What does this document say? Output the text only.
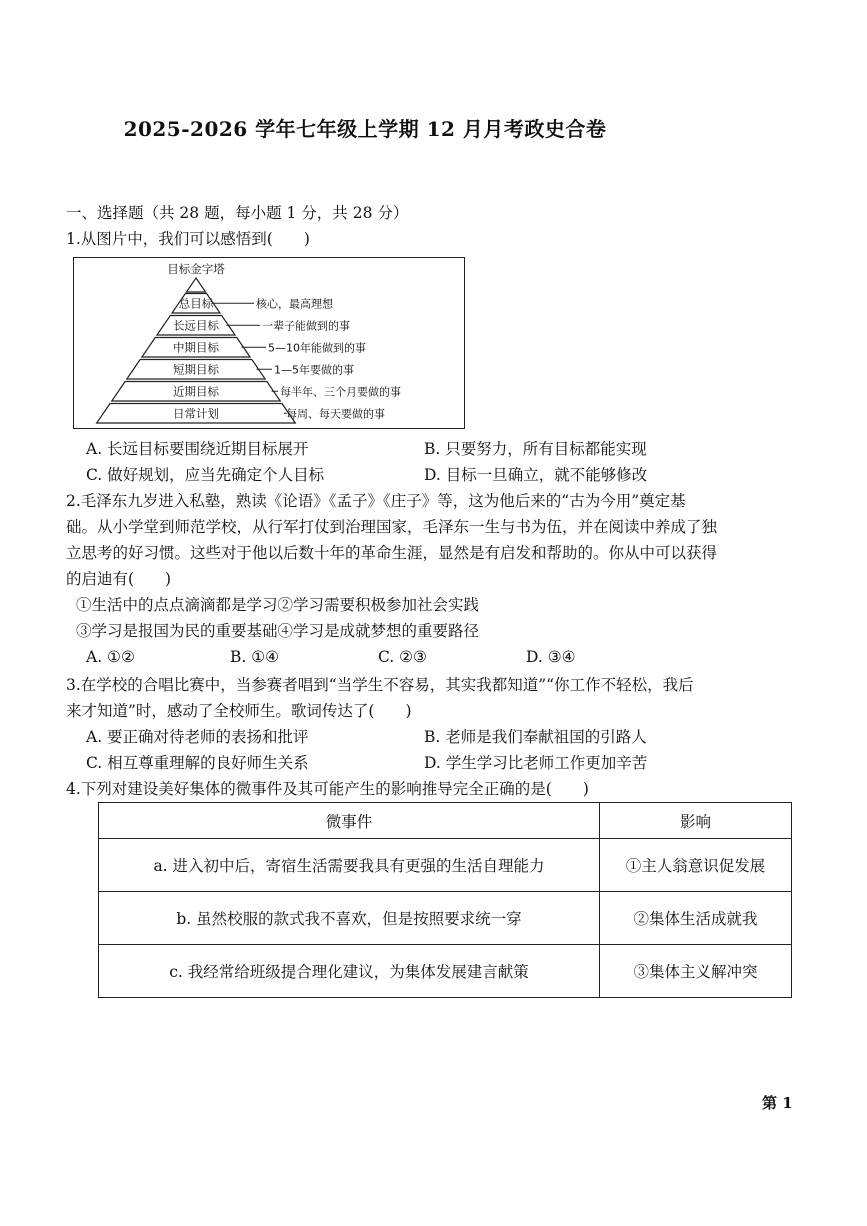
2025-2026 学年七年级上学期 12 月月考政史合卷
一、选择题（共 28 题，每小题 1 分，共 28 分）
1.从图片中，我们可以感悟到(　　)
目标金字塔
总目标	核心，最高理想
长远目标	一辈子能做到的事
中期目标	5—10年能做到的事
短期目标	1—5年要做的事
近期目标	每半年、三个月要做的事
日常计划	每周、每天要做的事
A. 长远目标要围绕近期目标展开	B. 只要努力，所有目标都能实现
C. 做好规划，应当先确定个人目标	D. 目标一旦确立，就不能够修改
2.毛泽东九岁进入私塾，熟读《论语》《孟子》《庄子》等，这为他后来的“古为今用”奠定基
础。从小学堂到师范学校，从行军打仗到治理国家，毛泽东一生与书为伍，并在阅读中养成了独
立思考的好习惯。这些对于他以后数十年的革命生涯，显然是有启发和帮助的。你从中可以获得
的启迪有(　　)
①生活中的点点滴滴都是学习②学习需要积极参加社会实践
③学习是报国为民的重要基础④学习是成就梦想的重要路径
A. ①②	B. ①④	C. ②③	D. ③④
3.在学校的合唱比赛中，当参赛者唱到“当学生不容易，其实我都知道”“你工作不轻松，我后
来才知道”时，感动了全校师生。歌词传达了(　　)
A. 要正确对待老师的表扬和批评	B. 老师是我们奉献祖国的引路人
C. 相互尊重理解的良好师生关系	D. 学生学习比老师工作更加辛苦
4.下列对建设美好集体的微事件及其可能产生的影响推导完全正确的是(　　)
微事件	影响
a. 进入初中后，寄宿生活需要我具有更强的生活自理能力	①主人翁意识促发展
b. 虽然校服的款式我不喜欢，但是按照要求统一穿	②集体生活成就我
c. 我经常给班级提合理化建议，为集体发展建言献策	③集体主义解冲突
第 1
